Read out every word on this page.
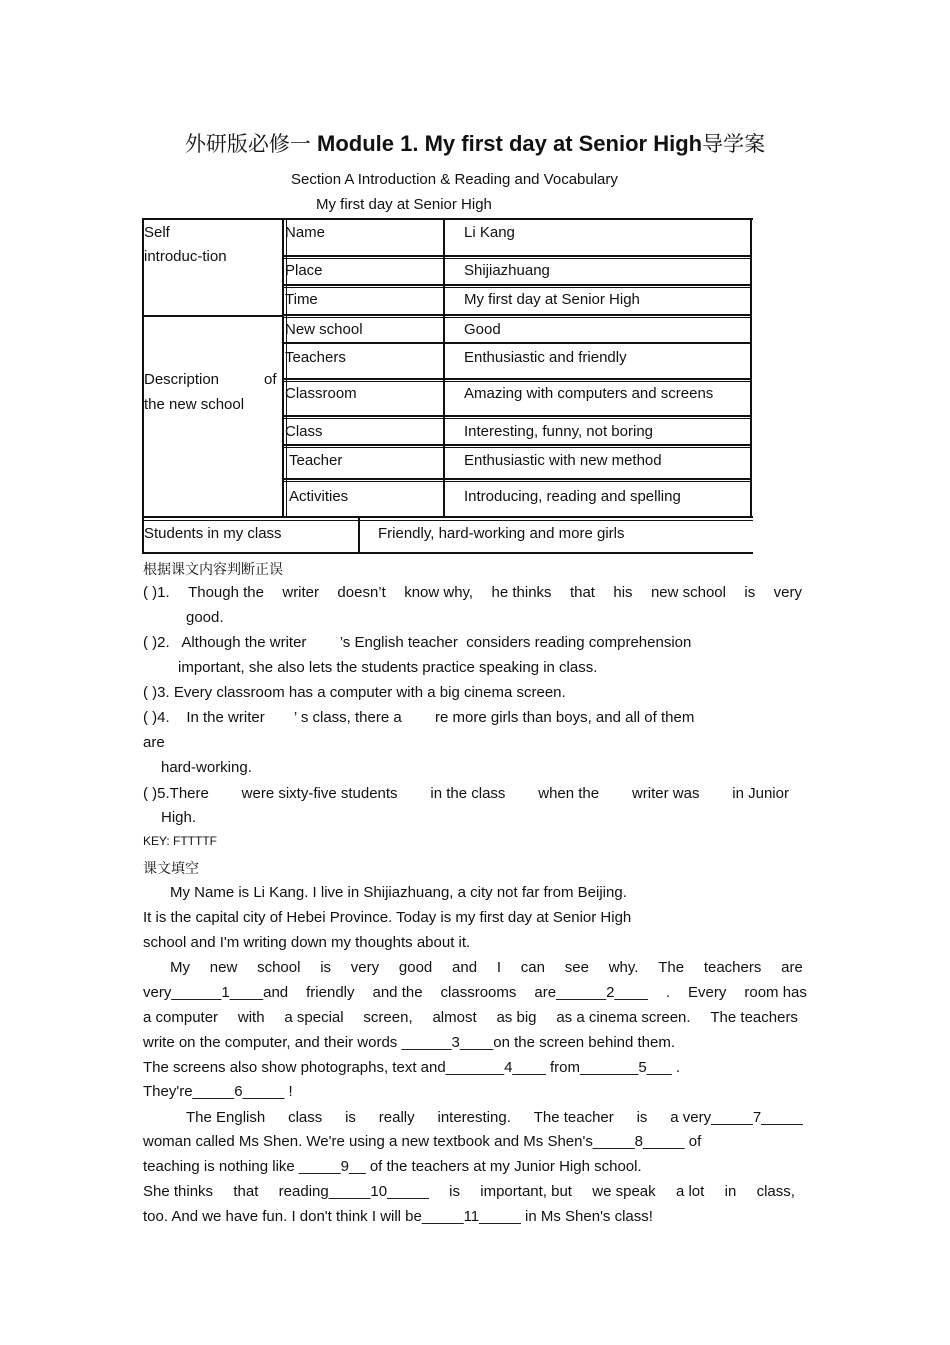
外研版必修一 Module 1. My first day at Senior High导学案
Section A Introduction & Reading and Vocabulary
My first day at Senior High
Self
introduc-tion
Description	of
the new school
Name
Place
Time
New school
Teachers
Classroom
Class
Teacher
Activities
Li Kang
Shijiazhuang
My first day at Senior High
Good
Enthusiastic and friendly
Amazing with computers and screens
Interesting, funny, not boring
Enthusiastic with new method
Introducing, reading and spelling
Students in my class	Friendly, hard-working and more girls
根据课文内容判断正误
( )1. Though the writer doesn’t know why, he thinks that his new school is very
good.
( )2.   Although the writer        ’s English teacher  considers reading comprehension
important, she also lets the students practice speaking in class.
( )3. Every classroom has a computer with a big cinema screen.
( )4.    In the writer       ’ s class, there a        re more girls than boys, and all of them
are
hard-working.
( )5.There were sixty-five students in the class when the writer was in Junior
High.
KEY: FTTTTF
课文填空
My Name is Li Kang. I live in Shijiazhuang, a city not far from Beijing.
It is the capital city of Hebei Province. Today is my first day at Senior High
school and I'm writing down my thoughts about it.
My new school is very good and I can see why. The teachers are
very______1____and friendly and the classrooms are______2____ . Every room has
a computer with a special screen, almost as big as a cinema screen. The teachers
write on the computer, and their words ______3____on the screen behind them.
The screens also show photographs, text and_______4____ from_______5___ .
They're_____6_____ !
The English class is really interesting. The teacher is a very_____7_____
woman called Ms Shen. We're using a new textbook and Ms Shen's_____8_____ of
teaching is nothing like _____9__ of the teachers at my Junior High school.
She thinks that reading_____10_____ is important, but we speak a lot in class,
too. And we have fun. I don't think I will be_____11_____ in Ms Shen's class!
